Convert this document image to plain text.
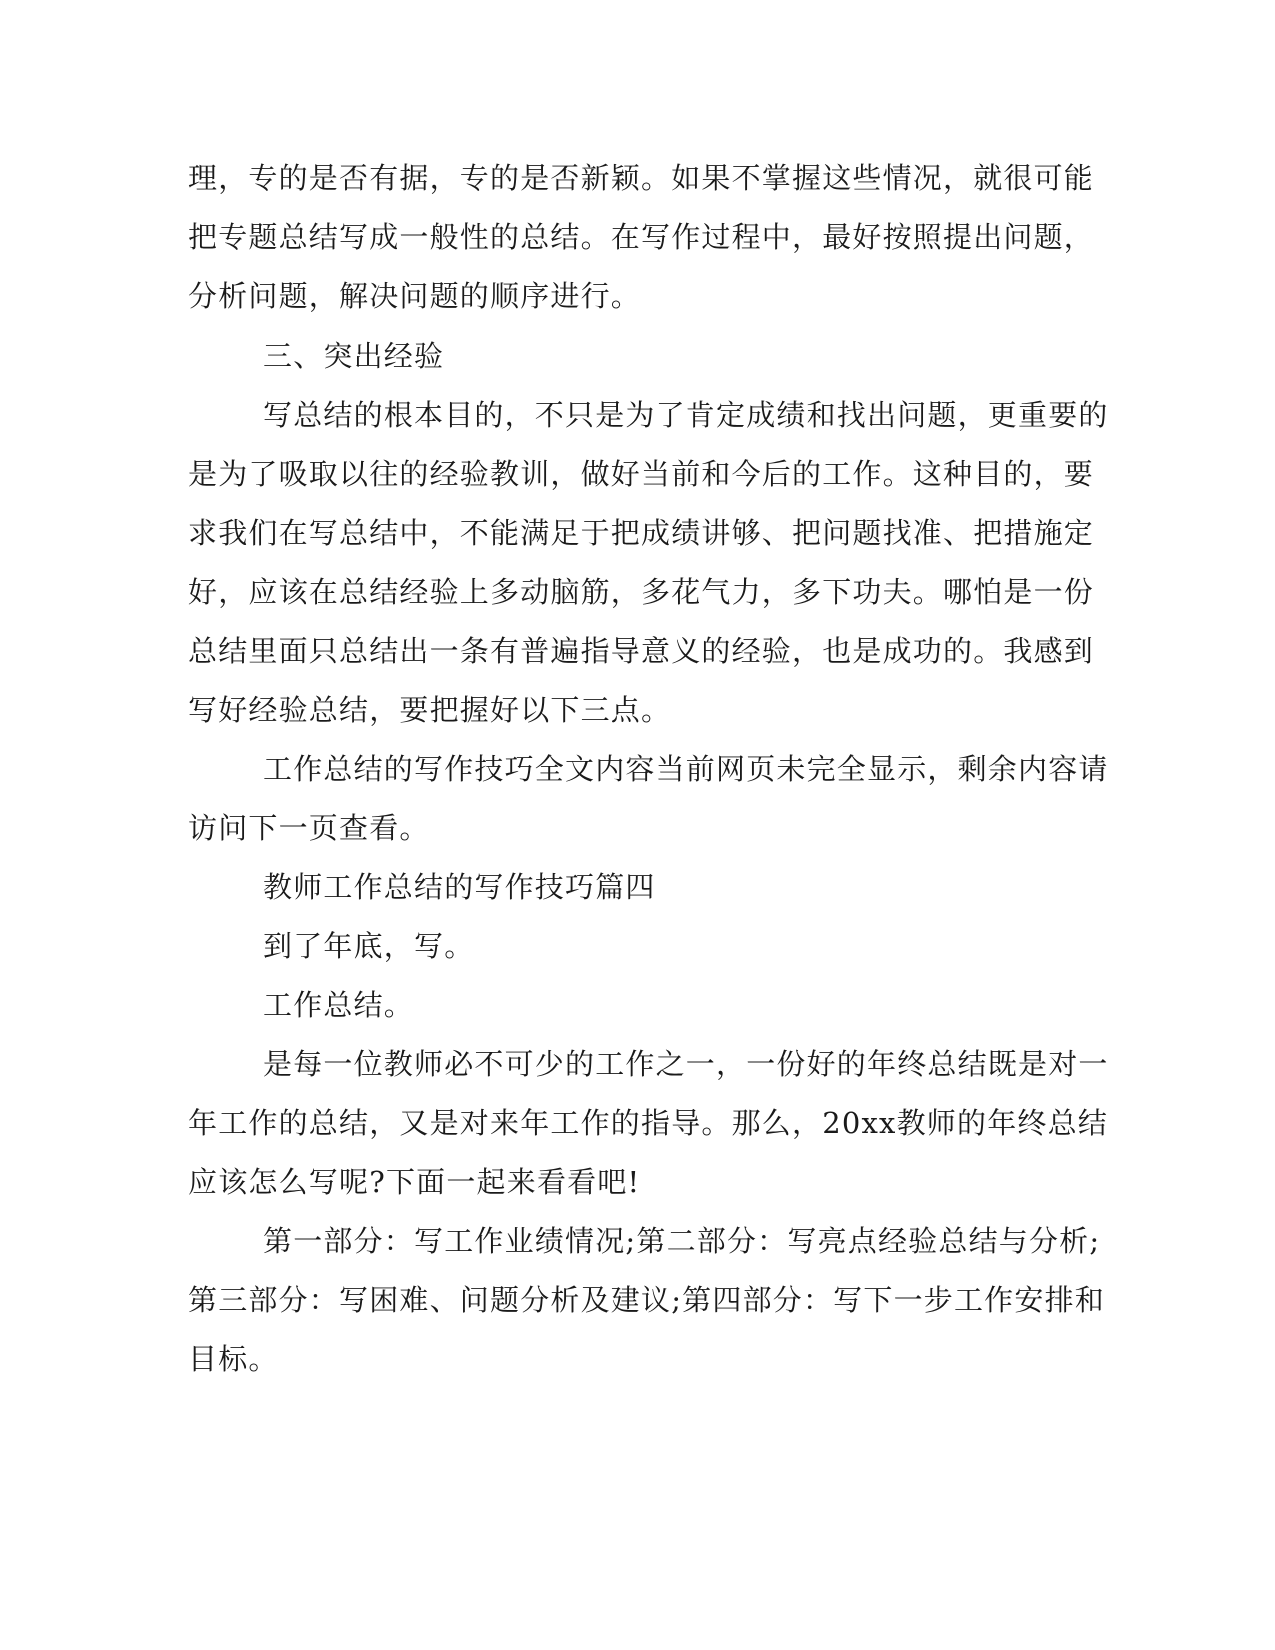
理，专的是否有据，专的是否新颖。如果不掌握这些情况，就很可能
把专题总结写成一般性的总结。在写作过程中，最好按照提出问题，
分析问题，解决问题的顺序进行。
三、突出经验
写总结的根本目的，不只是为了肯定成绩和找出问题，更重要的
是为了吸取以往的经验教训，做好当前和今后的工作。这种目的，要
求我们在写总结中，不能满足于把成绩讲够、把问题找准、把措施定
好，应该在总结经验上多动脑筋，多花气力，多下功夫。哪怕是一份
总结里面只总结出一条有普遍指导意义的经验，也是成功的。我感到
写好经验总结，要把握好以下三点。
工作总结的写作技巧全文内容当前网页未完全显示，剩余内容请
访问下一页查看。
教师工作总结的写作技巧篇四
到了年底，写。
工作总结。
是每一位教师必不可少的工作之一，一份好的年终总结既是对一
年工作的总结，又是对来年工作的指导。那么，20xx教师的年终总结
应该怎么写呢?下面一起来看看吧!
第一部分：写工作业绩情况;第二部分：写亮点经验总结与分析;
第三部分：写困难、问题分析及建议;第四部分：写下一步工作安排和
目标。
